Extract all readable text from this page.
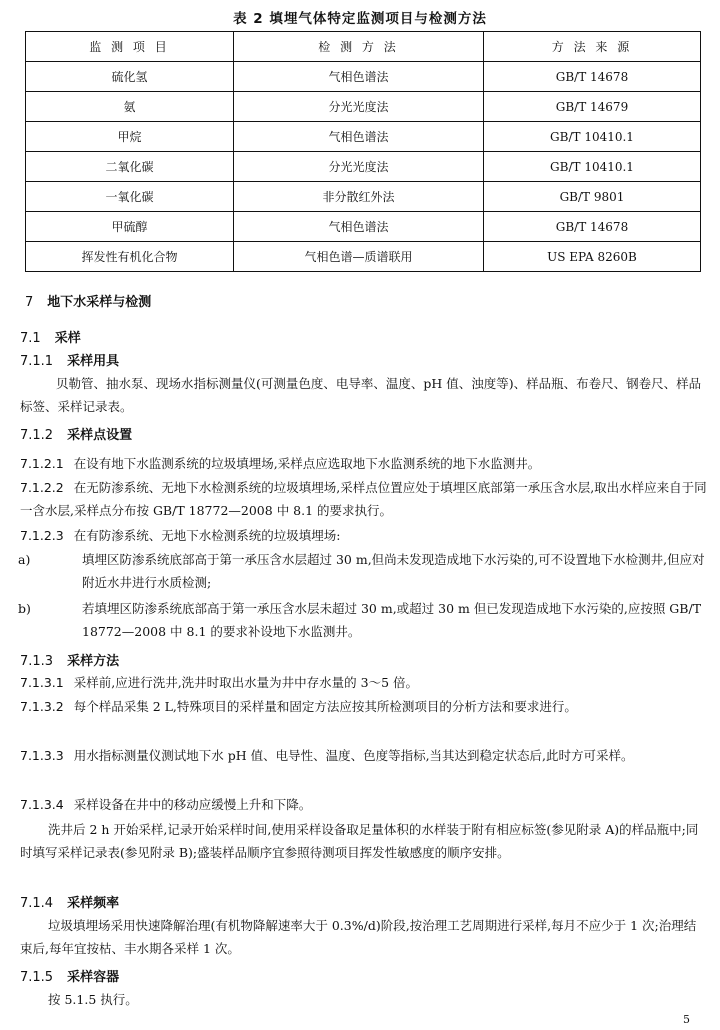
表 2 填埋气体特定监测项目与检测方法
监 测 项 目	检 测 方 法	方 法 来 源
硫化氢	气相色谱法	GB/T 14678
氨	分光光度法	GB/T 14679
甲烷	气相色谱法	GB/T 10410.1
二氧化碳	分光光度法	GB/T 10410.1
一氧化碳	非分散红外法	GB/T 9801
甲硫醇	气相色谱法	GB/T 14678
挥发性有机化合物	气相色谱—质谱联用	US EPA 8260B
7 地下水采样与检测
7.1 采样
7.1.1 采样用具

贝勒管、抽水泵、现场水指标测量仪(可测量色度、电导率、温度、pH 值、浊度等)、样品瓶、布卷尺、钢卷尺、样品标签、采样记录表。

7.1.2 采样点设置

7.1.2.1 在设有地下水监测系统的垃圾填埋场,采样点应选取地下水监测系统的地下水监测井。

7.1.2.2 在无防渗系统、无地下水检测系统的垃圾填埋场,采样点位置应处于填埋区底部第一承压含水层,取出水样应来自于同一含水层,采样点分布按 GB/T 18772—2008 中 8.1 的要求执行。

7.1.2.3 在有防渗系统、无地下水检测系统的垃圾填埋场:

a)	填埋区防渗系统底部高于第一承压含水层超过 30 m,但尚未发现造成地下水污染的,可不设置地下水检测井,但应对附近水井进行水质检测;

b)	若填埋区防渗系统底部高于第一承压含水层未超过 30 m,或超过 30 m 但已发现造成地下水污染的,应按照 GB/T 18772—2008 中 8.1 的要求补设地下水监测井。

7.1.3 采样方法

7.1.3.1 采样前,应进行洗井,洗井时取出水量为井中存水量的 3～5 倍。

7.1.3.2 每个样品采集 2 L,特殊项目的采样量和固定方法应按其所检测项目的分析方法和要求进行。

7.1.3.3 用水指标测量仪测试地下水 pH 值、电导性、温度、色度等指标,当其达到稳定状态后,此时方可采样。

7.1.3.4 采样设备在井中的移动应缓慢上升和下降。

洗井后 2 h 开始采样,记录开始采样时间,使用采样设备取足量体积的水样装于附有相应标签(参见附录 A)的样品瓶中;同时填写采样记录表(参见附录 B);盛装样品顺序宜参照待测项目挥发性敏感度的顺序安排。

7.1.4 采样频率

垃圾填埋场采用快速降解治理(有机物降解速率大于 0.3%/d)阶段,按治理工艺周期进行采样,每月不应少于 1 次;治理结束后,每年宜按枯、丰水期各采样 1 次。

7.1.5 采样容器

按 5.1.5 执行。

5
